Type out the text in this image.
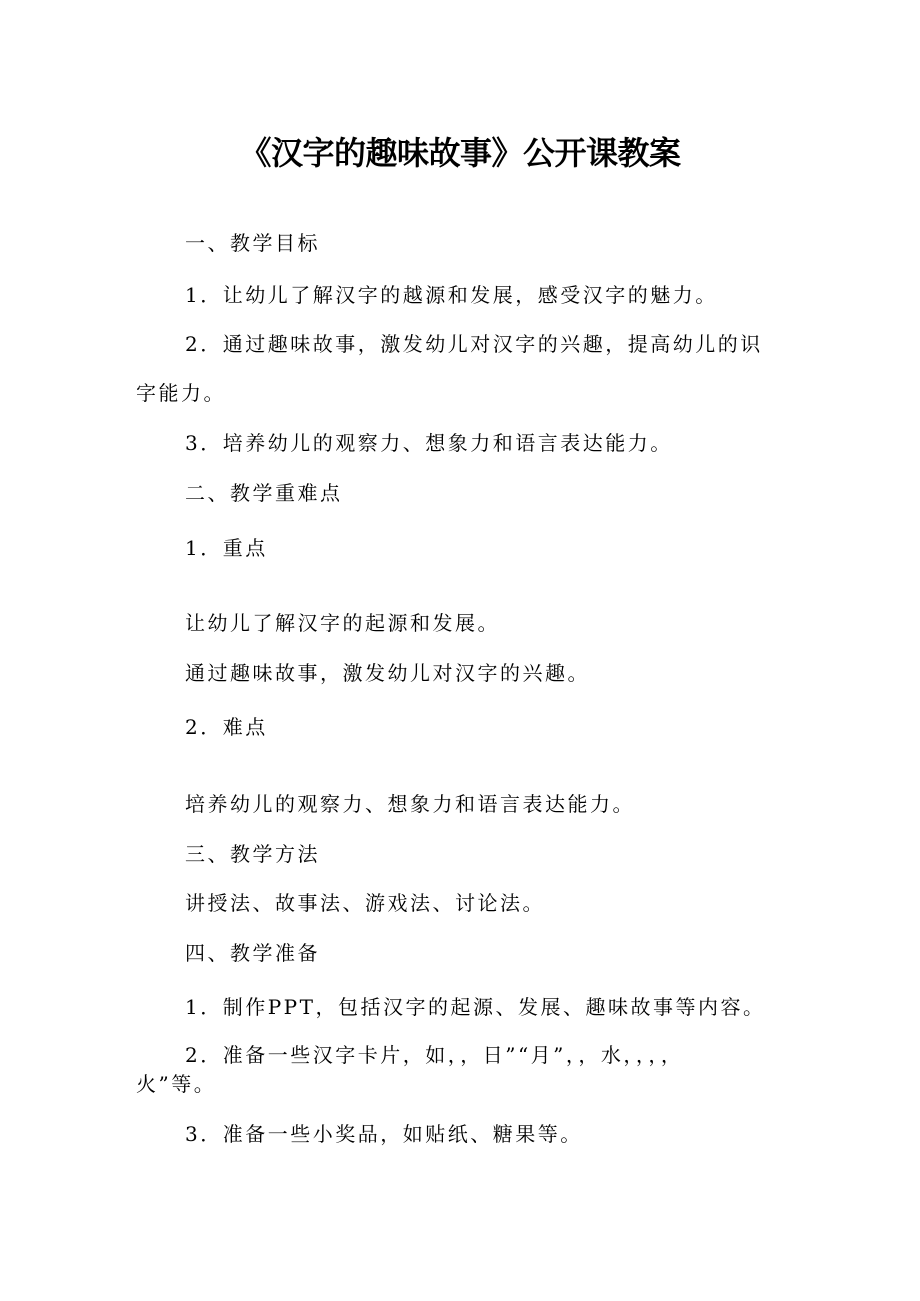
《汉字的趣味故事》公开课教案

一、教学目标

1．让幼儿了解汉字的越源和发展，感受汉字的魅力。

2．通过趣味故事，激发幼儿对汉字的兴趣，提高幼儿的识

字能力。

3．培养幼儿的观察力、想象力和语言表达能力。

二、教学重难点

1．重点

让幼儿了解汉字的起源和发展。

通过趣味故事，激发幼儿对汉字的兴趣。

2．难点

培养幼儿的观察力、想象力和语言表达能力。

三、教学方法

讲授法、故事法、游戏法、讨论法。

四、教学准备

1．制作PPT，包括汉字的起源、发展、趣味故事等内容。

2．准备一些汉字卡片，如，，日”“月”，，水，，，，

火”等。

3．准备一些小奖品，如贴纸、糖果等。
